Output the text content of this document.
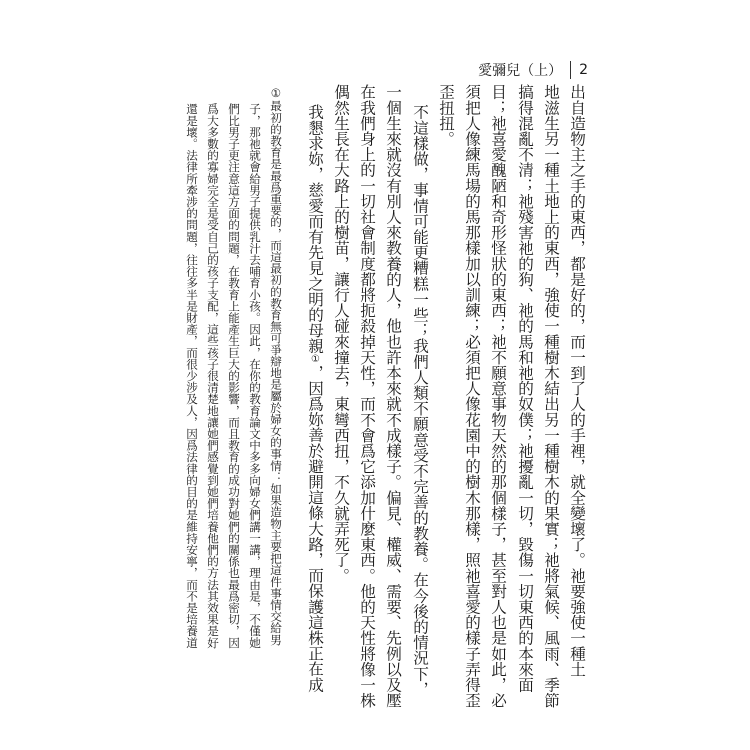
愛彌兒（上） 2
出自造物主之手的東西，都是好的，而一到了人的手裡，就全變壞了。祂要強使一種土
地滋生另一種土地上的東西，強使一種樹木結出另一種樹木的果實；祂將氣候、風雨、季節
搞得混亂不清；祂殘害祂的狗、祂的馬和祂的奴僕；祂擾亂一切，毀傷一切東西的本來面
目；祂喜愛醜陋和奇形怪狀的東西；祂不願意事物天然的那個樣子，甚至對人也是如此，必
須把人像練馬場的馬那樣加以訓練；必須把人像花園中的樹木那樣，照祂喜愛的樣子弄得歪
歪扭扭。
不這樣做，事情可能更糟糕一些；我們人類不願意受不完善的教養。在今後的情況下，
一個生來就沒有別人來教養的人，他也許本來就不成樣子。偏見、權威、需要、先例以及壓
在我們身上的一切社會制度都將扼殺掉天性，而不會爲它添加什麼東西。他的天性將像一株
偶然生長在大路上的樹苗，讓行人碰來撞去，東彎西扭，不久就弄死了。
我懇求妳，慈愛而有先見之明的母親①，因爲妳善於避開這條大路，而保護這株正在成
①最初的教育是最爲重要的，而這最初的教育無可爭辯地是屬於婦女的事情：如果造物主要把這件事情交給男
子，那祂就會給男子提供乳汁去哺育小孩。因此，在你的教育論文中多多向婦女們講一講，理由是，不僅她
們比男子更注意這方面的問題，在教育上能產生巨大的影響，而且教育的成功對她們的關係也最爲密切，因
爲大多數的寡婦完全是受自己的孩子支配，這些孩子很清楚地讓她們感覺到她們培養他們的方法其效果是好
還是壞。法律所牽涉的問題，往往多半是財產，而很少涉及人，因爲法律的目的是維持安寧，而不是培養道
